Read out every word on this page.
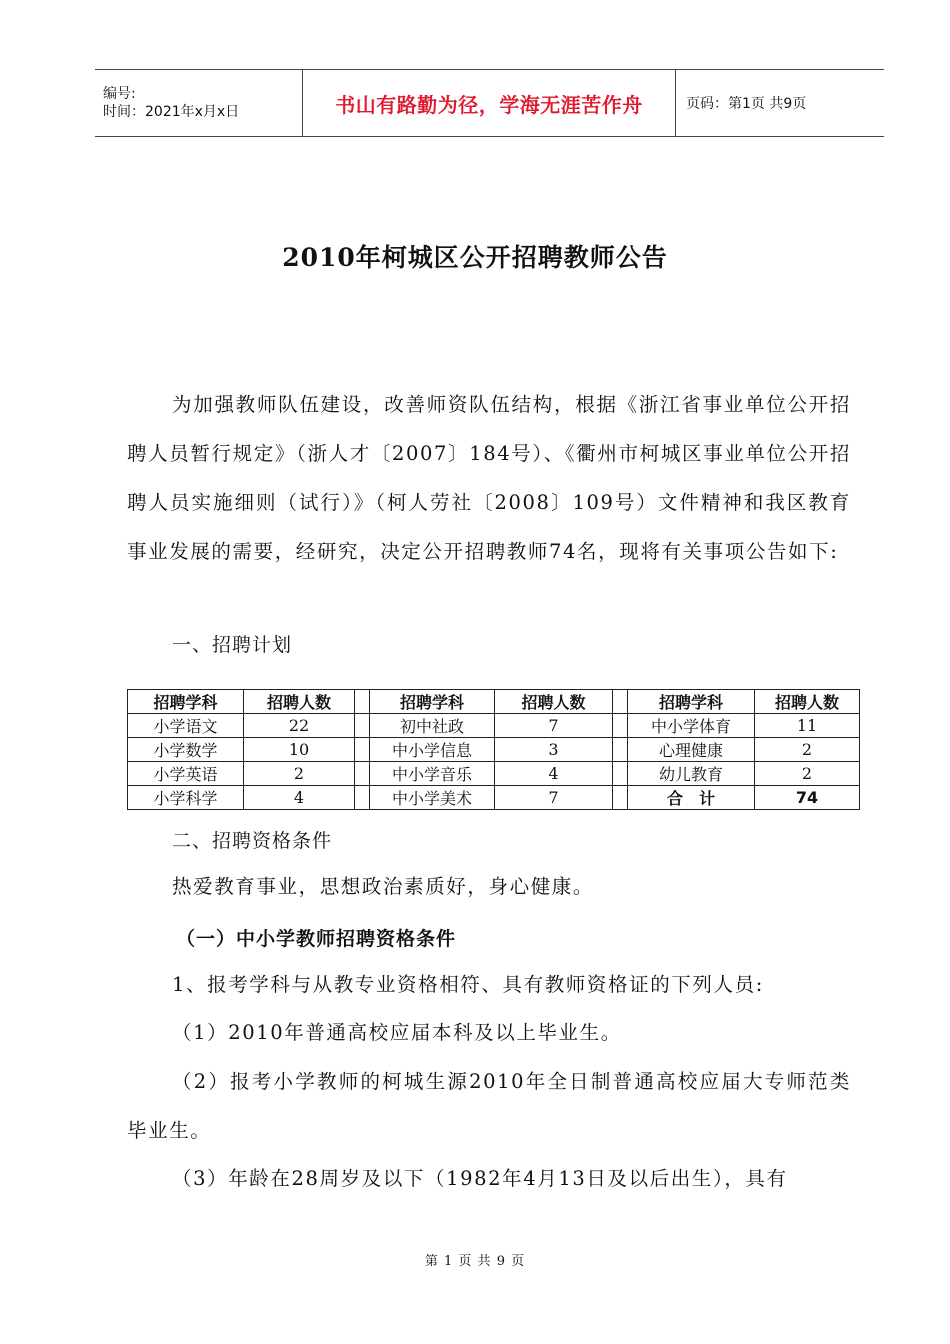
编号:
时间：2021年x月x日	书山有路勤为径，学海无涯苦作舟	页码：第1页 共9页
2010年柯城区公开招聘教师公告

为加强教师队伍建设，改善师资队伍结构，根据《浙江省事业单位公开招聘人员暂行规定》（浙人才〔2007〕184号）、《衢州市柯城区事业单位公开招聘人员实施细则（试行）》（柯人劳社〔2008〕109号）文件精神和我区教育事业发展的需要，经研究，决定公开招聘教师74名，现将有关事项公告如下:

一、招聘计划
招聘学科	招聘人数		招聘学科	招聘人数		招聘学科	招聘人数
小学语文	22		初中社政	7		中小学体育	11
小学数学	10		中小学信息	3		心理健康	2
小学英语	2		中小学音乐	4		幼儿教育	2
小学科学	4		中小学美术	7		合　计	74
二、招聘资格条件

热爱教育事业，思想政治素质好，身心健康。

（一）中小学教师招聘资格条件

1、报考学科与从教专业资格相符、具有教师资格证的下列人员:

（1）2010年普通高校应届本科及以上毕业生。

（2）报考小学教师的柯城生源2010年全日制普通高校应届大专师范类毕业生。

（3）年龄在28周岁及以下（1982年4月13日及以后出生），具有

第 1 页 共 9 页
